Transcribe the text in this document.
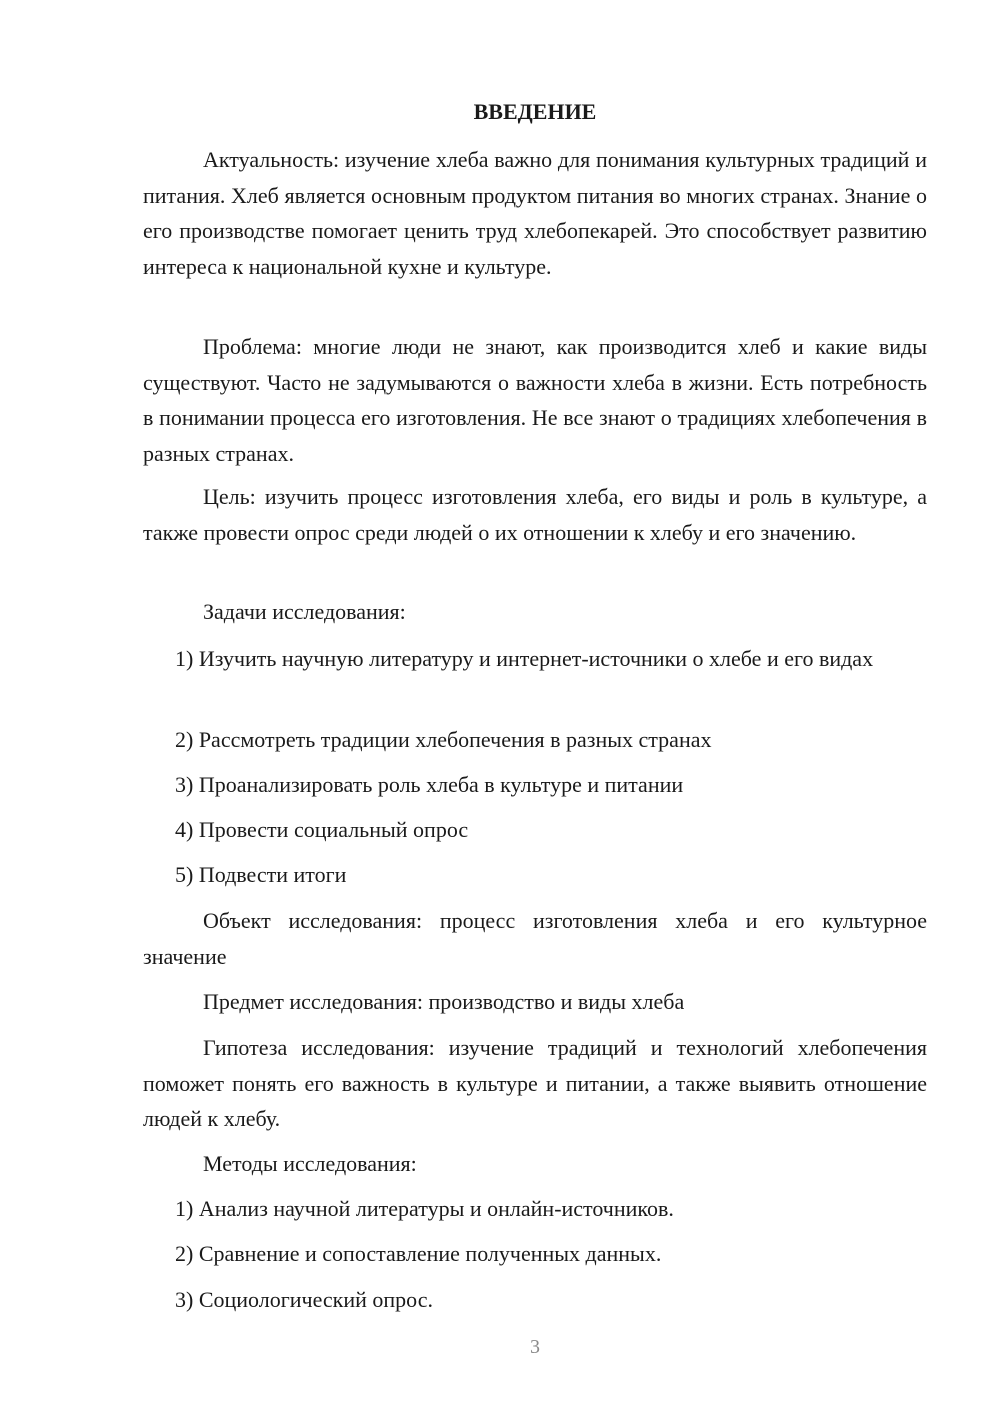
ВВЕДЕНИЕ

Актуальность: изучение хлеба важно для понимания культурных традиций и питания. Хлеб является основным продуктом питания во многих странах. Знание о его производстве помогает ценить труд хлебопекарей. Это способствует развитию интереса к национальной кухне и культуре.

Проблема: многие люди не знают, как производится хлеб и какие виды существуют. Часто не задумываются о важности хлеба в жизни. Есть потребность в понимании процесса его изготовления. Не все знают о традициях хлебопечения в разных странах.

Цель: изучить процесс изготовления хлеба, его виды и роль в культуре, а также провести опрос среди людей о их отношении к хлебу и его значению.

Задачи исследования:

1) Изучить научную литературу и интернет-источники о хлебе и его видах

2) Рассмотреть традиции хлебопечения в разных странах

3) Проанализировать роль хлеба в культуре и питании

4) Провести социальный опрос

5) Подвести итоги

Объект исследования: процесс изготовления хлеба и его культурное значение

Предмет исследования: производство и виды хлеба

Гипотеза исследования: изучение традиций и технологий хлебопечения поможет понять его важность в культуре и питании, а также выявить отношение людей к хлебу.

Методы исследования:

1) Анализ научной литературы и онлайн-источников.

2) Сравнение и сопоставление полученных данных.

3) Социологический опрос.

3
